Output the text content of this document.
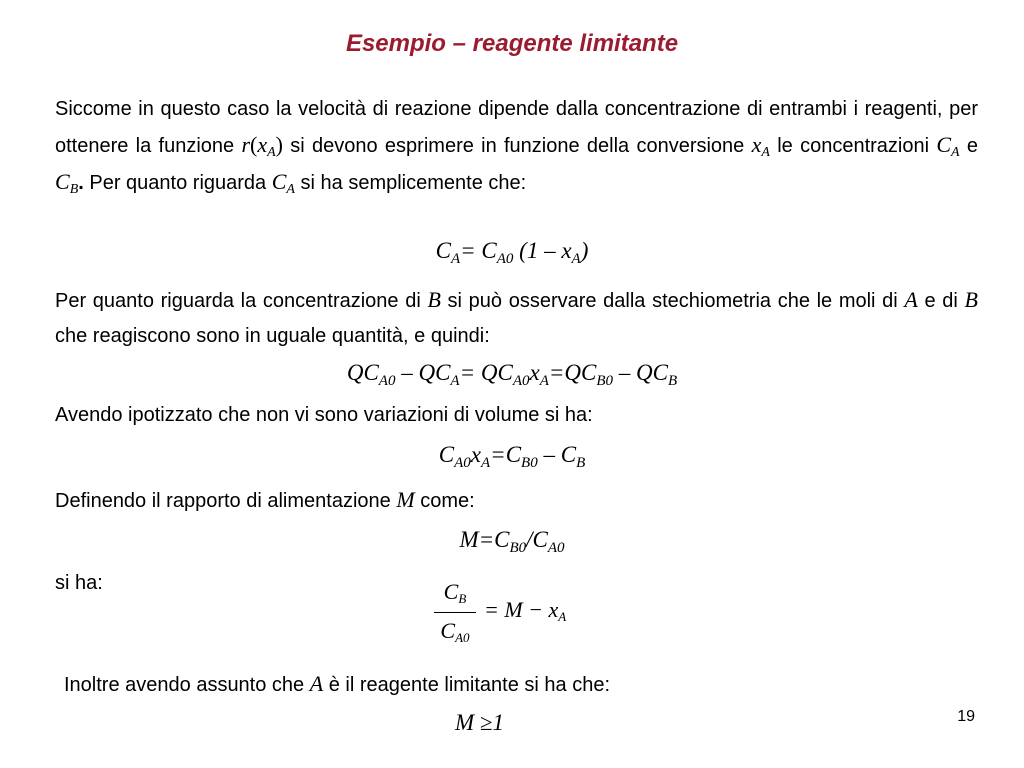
Esempio – reagente limitante
Siccome in questo caso la velocità di reazione dipende dalla concentrazione di entrambi i reagenti, per ottenere la funzione $r(x_A)$ si devono esprimere in funzione della conversione $x_A$ le concentrazioni $C_A$ e $C_B$. Per quanto riguarda $C_A$ si ha semplicemente che:
$C_A= C_{A0}$ $(1 - x_A)$
Per quanto riguarda la concentrazione di B si può osservare dalla stechiometria che le moli di A e di B che reagiscono sono in uguale quantità, e quindi:
$QC_{A0} - QC_A= QC_{A0}x_A=QC_{B0} - QC_B$
Avendo ipotizzato che non vi sono variazioni di volume si ha:
$C_{A0}x_A=C_{B0} - C_B$
Definendo il rapporto di alimentazione M come:
$M=C_{B0}/C_{A0}$
si ha:	$C_B$
$C_{A0}$
= $M - x_A$
Inoltre avendo assunto che A è il reagente limitante si ha che:
M ≥1	19
